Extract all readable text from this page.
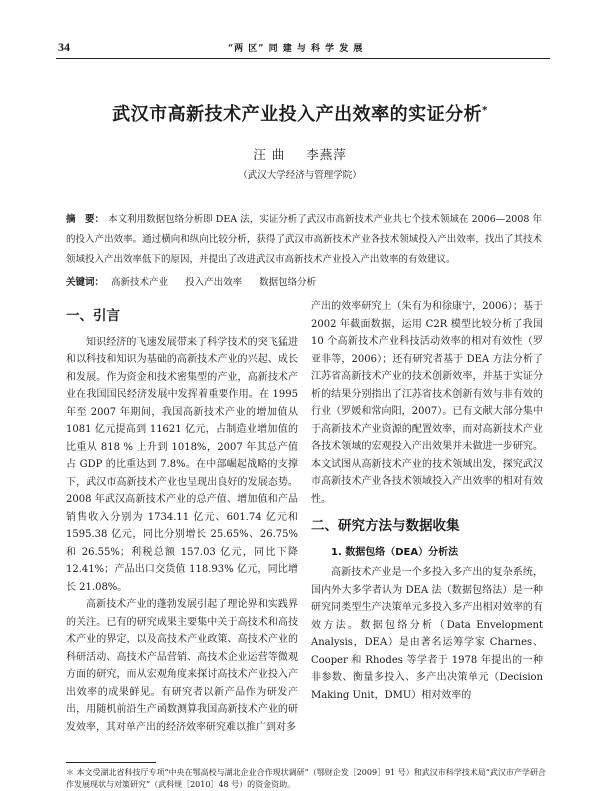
34	“两 区” 同 建 与 科 学 发 展
武汉市高新技术产业投入产出效率的实证分析*
汪 曲 李燕萍
（武汉大学经济与管理学院）
摘　要： 本文利用数据包络分析即 DEA 法，实证分析了武汉市高新技术产业共七个技术领域在 2006—2008 年的投入产出效率。通过横向和纵向比较分析，获得了武汉市高新技术产业各技术领域投入产出效率，找出了其技术领域投入产出效率低下的原因，并提出了改进武汉市高新技术产业投入产出效率的有效建议。
关键词： 高新技术产业 投入产出效率 数据包络分析
一、引言

知识经济的飞速发展带来了科学技术的突飞猛进和以科技和知识为基础的高新技术产业的兴起、成长和发展。作为资金和技术密集型的产业，高新技术产业在我国国民经济发展中发挥着重要作用。在 1995 年至 2007 年期间，我国高新技术产业的增加值从 1081 亿元提高到 11621 亿元，占制造业增加值的比重从 818 % 上升到 1018%，2007 年其总产值占 GDP 的比重达到 7.8%。在中部崛起战略的支撑下，武汉市高新技术产业也呈现出良好的发展态势。2008 年武汉高新技术产业的总产值、增加值和产品销售收入分别为 1734.11 亿元、601.74 亿元和 1595.38 亿元，同比分别增长 25.65%、26.75% 和 26.55%；利税总额 157.03 亿元，同比下降 12.41%；产品出口交货值 118.93% 亿元，同比增长 21.08%。

高新技术产业的蓬勃发展引起了理论界和实践界的关注。已有的研究成果主要集中关于高技术和高技术产业的界定，以及高技术产业政策、高技术产业的科研活动、高技术产品营销、高技术企业运营等微观方面的研究，而从宏观角度来探讨高技术产业投入产出效率的成果鲜见。有研究者以新产品作为研发产出，用随机前沿生产函数测算我国高新技术产业的研发效率，其对单产出的经济效率研究难以推广到对多

产出的效率研究上（朱有为和徐康宁，2006）；基于 2002 年截面数据，运用 C2R 模型比较分析了我国 10 个高新技术产业科技活动效率的相对有效性（罗亚非等，2006）；还有研究者基于 DEA 方法分析了江苏省高新技术产业的技术创新效率，并基于实证分析的结果分别指出了江苏省技术创新有效与非有效的行业（罗媛和常向阳，2007）。已有文献大部分集中于高新技术产业资源的配置效率，而对高新技术产业各技术领域的宏观投入产出效果并未做进一步研究。本文试图从高新技术产业的技术领域出发，探究武汉市高新技术产业各技术领域投入产出效率的相对有效性。

二、研究方法与数据收集
1. 数据包络（DEA）分析法

高新技术产业是一个多投入多产出的复杂系统，国内外大多学者认为 DEA 法（数据包络法）是一种研究同类型生产决策单元多投入多产出相对效率的有效方法。数据包络分析（Data Envelopment Analysis，DEA）是由著名运筹学家 Charnes、Cooper 和 Rhodes 等学者于 1978 年提出的一种非参数、衡量多投入、多产出决策单元（Decision Making Unit，DMU）相对效率的

＊ 本文受湖北省科技厅专项“中央在鄂高校与湖北企业合作现状调研”（鄂财企发［2009］91 号）和武汉市科学技术局“武汉市产学研合作发展现状与对策研究”（武科规［2010］48 号）的资金资助。
